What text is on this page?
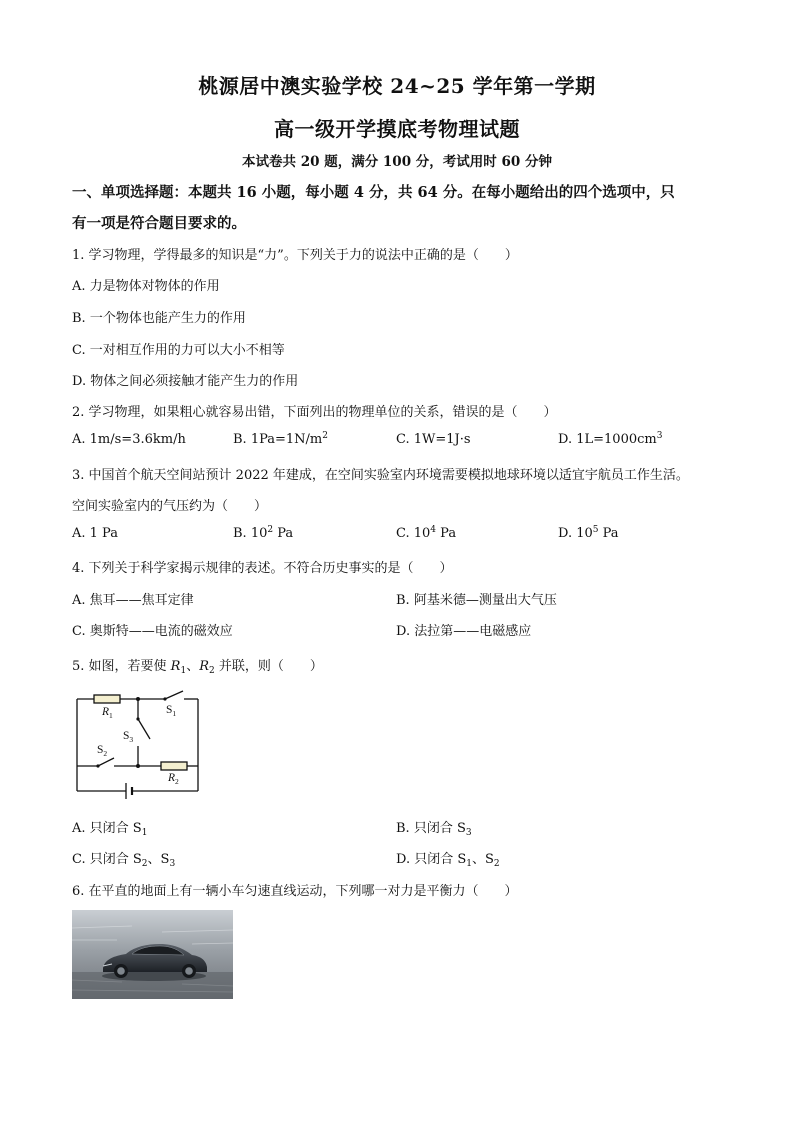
桃源居中澳实验学校 24~25 学年第一学期
高一级开学摸底考物理试题
本试卷共 20 题，满分 100 分，考试用时 60 分钟
一、单项选择题：本题共 16 小题，每小题 4 分，共 64 分。在每小题给出的四个选项中，只
有一项是符合题目要求的。
1. 学习物理，学得最多的知识是“力”。下列关于力的说法中正确的是（　　）
A. 力是物体对物体的作用
B. 一个物体也能产生力的作用
C. 一对相互作用的力可以大小不相等
D. 物体之间必须接触才能产生力的作用
2. 学习物理，如果粗心就容易出错，下面列出的物理单位的关系，错误的是（　　）
A. 1m/s=3.6km/h	B. $1Pa=1N/m^2$	C. 1W=1J·s	D. $1L=1000cm^3$
3. 中国首个航天空间站预计 2022 年建成，在空间实验室内环境需要模拟地球环境以适宜宇航员工作生活。
空间实验室内的气压约为（　　）
A. 1 Pa	B. $10^2$ Pa	C. $10^4$ Pa	D. $10^5$ Pa
4. 下列关于科学家揭示规律的表述。不符合历史事实的是（　　）
A. 焦耳——焦耳定律	B. 阿基米德—测量出大气压
C. 奥斯特——电流的磁效应	D. 法拉第——电磁感应
5. 如图，若要使 $R_1$、$R_2$ 并联，则（　　）
$R_1$	$S_1$
$S_3$
$S_2$
$R_2$
A. 只闭合 $S_1$	B. 只闭合 $S_3$
C. 只闭合 $S_2$、$S_3$	D. 只闭合 $S_1$、$S_2$
6. 在平直的地面上有一辆小车匀速直线运动，下列哪一对力是平衡力（　　）
